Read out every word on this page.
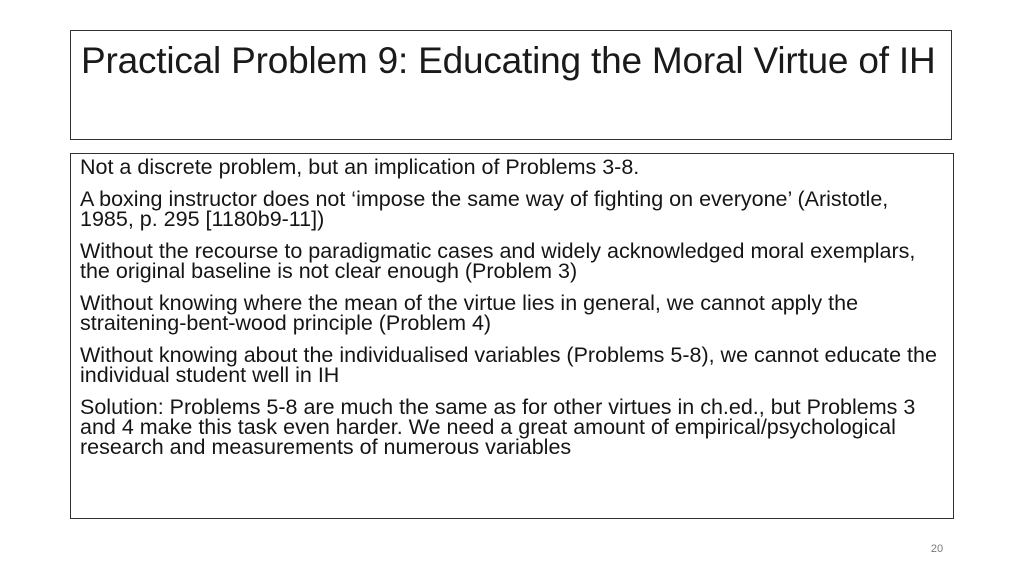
Practical Problem 9: Educating the Moral Virtue of IH
Not a discrete problem, but an implication of Problems 3-8.
A boxing instructor does not ‘impose the same way of fighting on everyone’ (Aristotle, 1985, p. 295 [1180b9-11])
Without the recourse to paradigmatic cases and widely acknowledged moral exemplars, the original baseline is not clear enough (Problem 3)
Without knowing where the mean of the virtue lies in general, we cannot apply the straitening-bent-wood principle (Problem 4)
Without knowing about the individualised variables (Problems 5-8), we cannot educate the individual student well in IH
Solution: Problems 5-8 are much the same as for other virtues in ch.ed., but Problems 3 and 4 make this task even harder. We need a great amount of empirical/psychological research and measurements of numerous variables
20
